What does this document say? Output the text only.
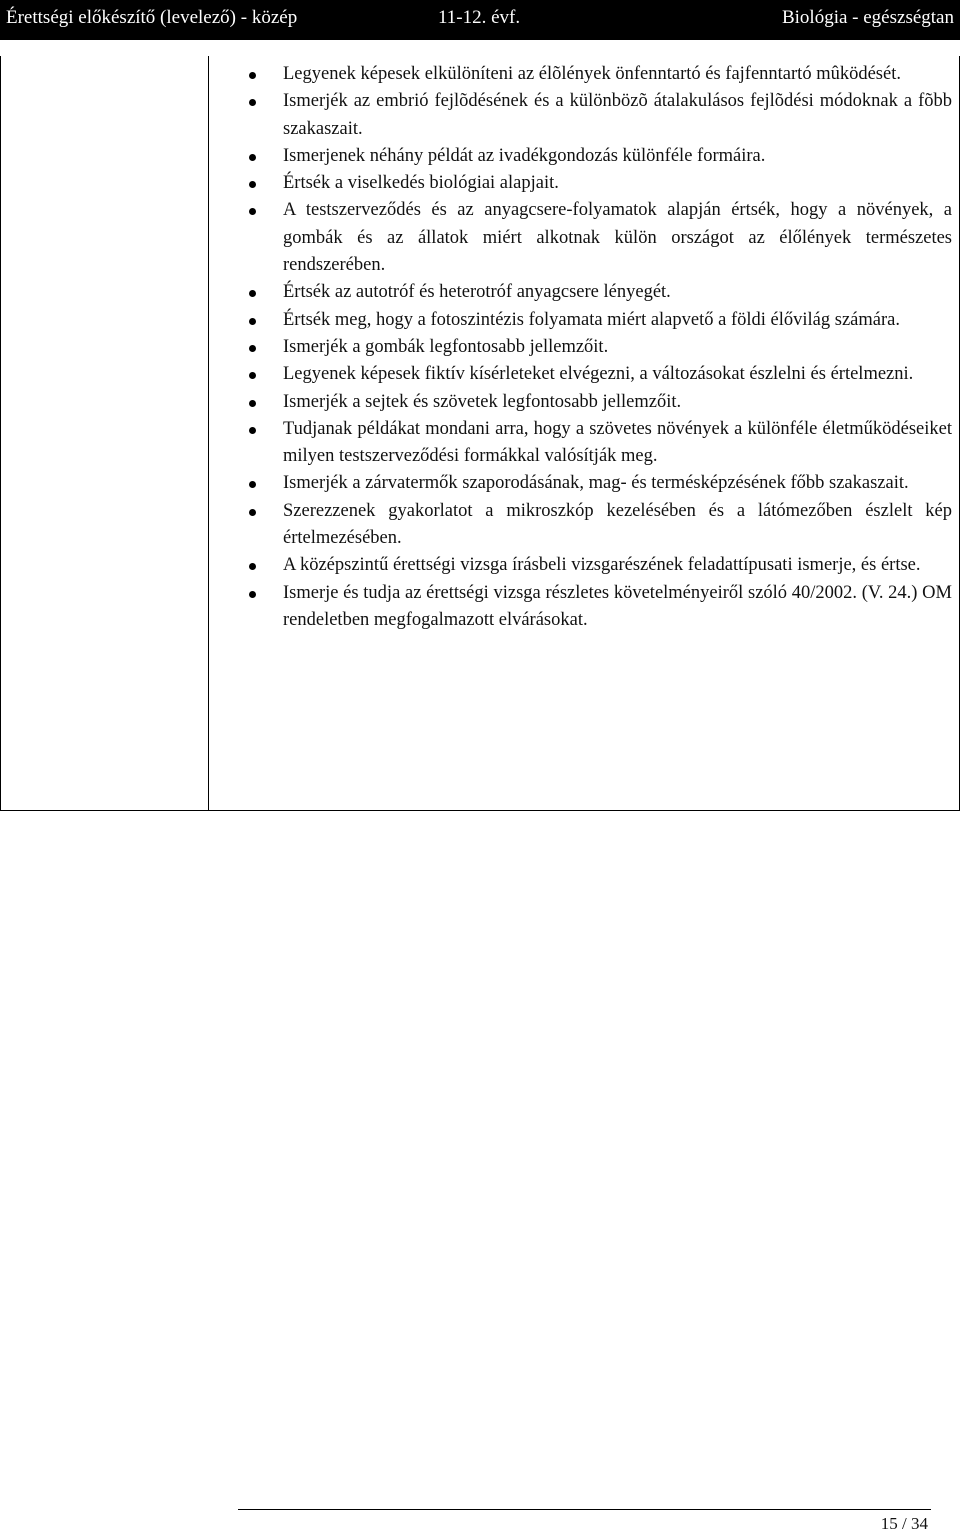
Érettségi előkészítő (levelező) - közép	11-12. évf.	Biológia - egészségtan
Legyenek képesek elkülöníteni az élõlények önfenntartó és fajfenntartó mûködését.
Ismerjék az embrió fejlõdésének és a különbözõ átalakulásos fejlõdési módoknak a fõbb szakaszait.
Ismerjenek néhány példát az ivadékgondozás különféle formáira.
Értsék a viselkedés biológiai alapjait.
A testszerveződés és az anyagcsere-folyamatok alapján értsék, hogy a növények, a gombák és az állatok miért alkotnak külön országot az élőlények természetes rendszerében.
Értsék az autotróf és heterotróf anyagcsere lényegét.
Értsék meg, hogy a fotoszintézis folyamata miért alapvető a földi élővilág számára.
Ismerjék a gombák legfontosabb jellemzőit.
Legyenek képesek fiktív kísérleteket elvégezni, a változásokat észlelni és értelmezni.
Ismerjék a sejtek és szövetek legfontosabb jellemzőit.
Tudjanak példákat mondani arra, hogy a szövetes növények a különféle életműködéseiket milyen testszerveződési formákkal valósítják meg.
Ismerjék a zárvatermők szaporodásának, mag- és termésképzésének főbb szakaszait.
Szerezzenek gyakorlatot a mikroszkóp kezelésében és a látómezőben észlelt kép értelmezésében.
A középszintű érettségi vizsga írásbeli vizsgarészének feladattípusati ismerje, és értse.
Ismerje és tudja az érettségi vizsga részletes követelményeiről szóló 40/2002. (V. 24.) OM rendeletben megfogalmazott elvárásokat.
15 / 34
